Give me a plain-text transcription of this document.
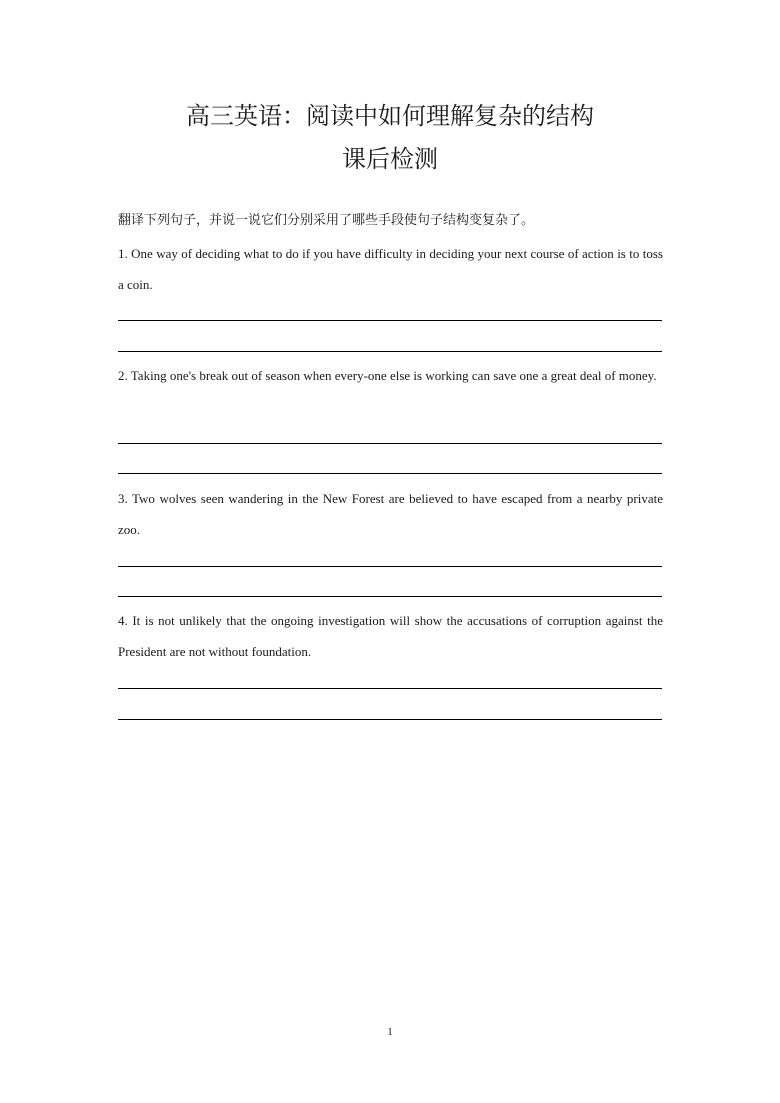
高三英语：阅读中如何理解复杂的结构
课后检测
翻译下列句子，并说一说它们分别采用了哪些手段使句子结构变复杂了。

1. One way of deciding what to do if you have difficulty in deciding your next course of action is to toss a coin.

2. Taking one's break out of season when every-one else is working can save one a great deal of money.

3. Two wolves seen wandering in the New Forest are believed to have escaped from a nearby private zoo.

4. It is not unlikely that the ongoing investigation will show the accusations of corruption against the President are not without foundation.

1
